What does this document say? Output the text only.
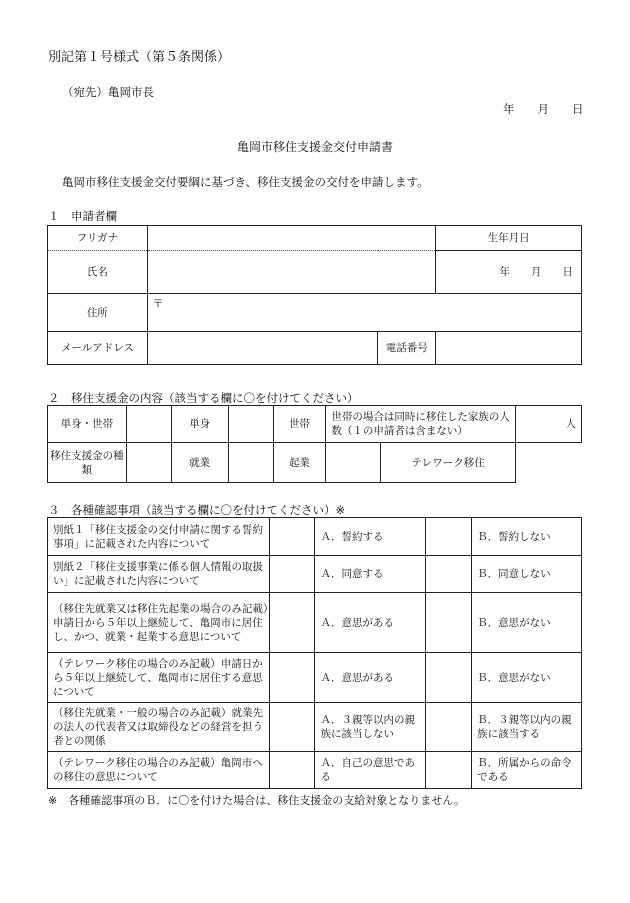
別記第１号様式（第５条関係）
（宛先）亀岡市長
年　　月　　日
亀岡市移住支援金交付申請書
亀岡市移住支援金交付要綱に基づき、移住支援金の交付を申請します。
１　申請者欄
フリガナ			生年月日
氏名			年　　月　　日
住所	〒		
メールアドレス		電話番号	
２　移住支援金の内容（該当する欄に〇を付けてください）
単身・世帯		単身		世帯	世帯の場合は同時に移住した家族の人数（１の申請者は含まない）		人
移住支援金の種類		就業		起業		テレワーク移住	
３　各種確認事項（該当する欄に〇を付けてください）※
別紙１「移住支援金の交付申請に関する誓約事項」に記載された内容について		Ａ．誓約する		Ｂ．誓約しない
別紙２「移住支援事業に係る個人情報の取扱い」に記載された内容について		Ａ．同意する		Ｂ．同意しない
（移住先就業又は移住先起業の場合のみ記載）申請日から５年以上継続して、亀岡市に居住し、かつ、就業・起業する意思について		Ａ．意思がある		Ｂ．意思がない
（テレワーク移住の場合のみ記載）申請日から５年以上継続して、亀岡市に居住する意思について		Ａ．意思がある		Ｂ．意思がない
（移住先就業・一般の場合のみ記載）就業先の法人の代表者又は取締役などの経営を担う者との関係		Ａ．３親等以内の親族に該当しない		Ｂ．３親等以内の親族に該当する
（テレワーク移住の場合のみ記載）亀岡市への移住の意思について		Ａ．自己の意思である		Ｂ．所属からの命令である
※　各種確認事項のＢ．に〇を付けた場合は、移住支援金の支給対象となりません。
